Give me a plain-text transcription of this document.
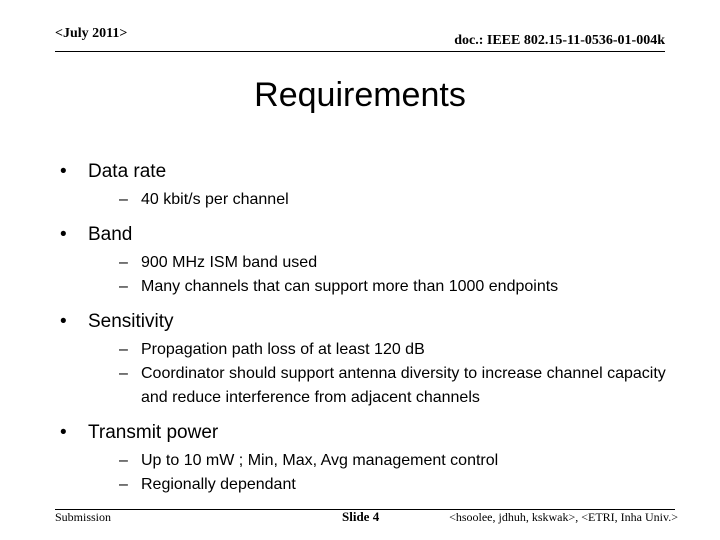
<July 2011>	doc.: IEEE 802.15-11-0536-01-004k
Requirements
• Data rate
– 40 kbit/s per channel
• Band
– 900 MHz ISM band used
– Many channels that can support more than 1000 endpoints
• Sensitivity
– Propagation path loss of at least 120 dB
– Coordinator should support antenna diversity to increase channel capacity and reduce interference from adjacent channels
• Transmit power
– Up to 10 mW ; Min, Max, Avg management control
– Regionally dependant
Submission	Slide 4	<hsoolee, jdhuh, kskwak>, <ETRI, Inha Univ.>
